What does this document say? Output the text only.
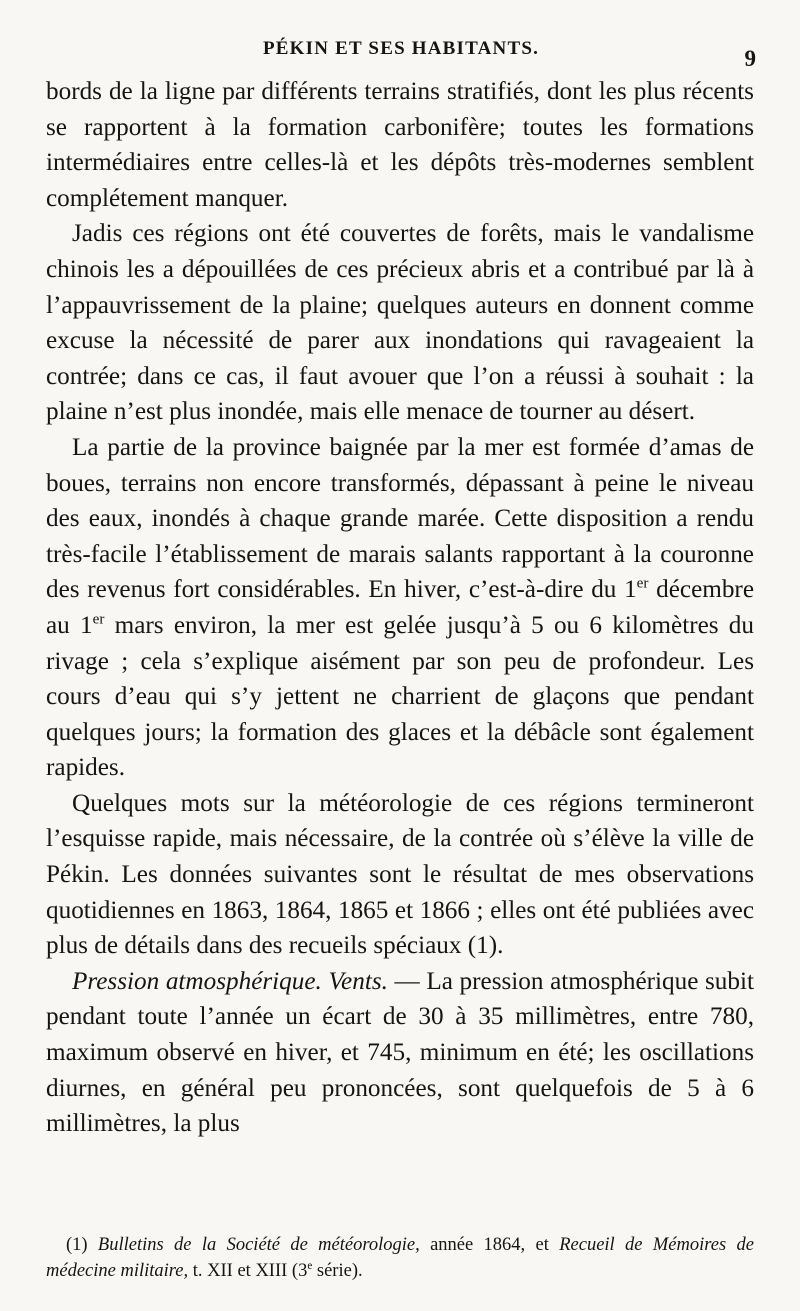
PÉKIN ET SES HABITANTS.	9

bords de la ligne par différents terrains stratifiés, dont les plus récents se rapportent à la formation carbonifère; toutes les formations intermédiaires entre celles-là et les dépôts très-modernes semblent complétement manquer.

Jadis ces régions ont été couvertes de forêts, mais le vandalisme chinois les a dépouillées de ces précieux abris et a contribué par là à l’appauvrissement de la plaine; quelques auteurs en donnent comme excuse la nécessité de parer aux inondations qui ravageaient la contrée; dans ce cas, il faut avouer que l’on a réussi à souhait : la plaine n’est plus inondée, mais elle menace de tourner au désert.

La partie de la province baignée par la mer est formée d’amas de boues, terrains non encore transformés, dépassant à peine le niveau des eaux, inondés à chaque grande marée. Cette disposition a rendu très-facile l’établissement de marais salants rapportant à la couronne des revenus fort considérables. En hiver, c’est-à-dire du 1er décembre au 1er mars environ, la mer est gelée jusqu’à 5 ou 6 kilomètres du rivage ; cela s’explique aisément par son peu de profondeur. Les cours d’eau qui s’y jettent ne charrient de glaçons que pendant quelques jours; la formation des glaces et la débâcle sont également rapides.

Quelques mots sur la météorologie de ces régions termineront l’esquisse rapide, mais nécessaire, de la contrée où s’élève la ville de Pékin. Les données suivantes sont le résultat de mes observations quotidiennes en 1863, 1864, 1865 et 1866 ; elles ont été publiées avec plus de détails dans des recueils spéciaux (1).

Pression atmosphérique. Vents. — La pression atmosphérique subit pendant toute l’année un écart de 30 à 35 millimètres, entre 780, maximum observé en hiver, et 745, minimum en été; les oscillations diurnes, en général peu prononcées, sont quelquefois de 5 à 6 millimètres, la plus

(1) Bulletins de la Société de météorologie, année 1864, et Recueil de Mémoires de médecine militaire, t. XII et XIII (3e série).
